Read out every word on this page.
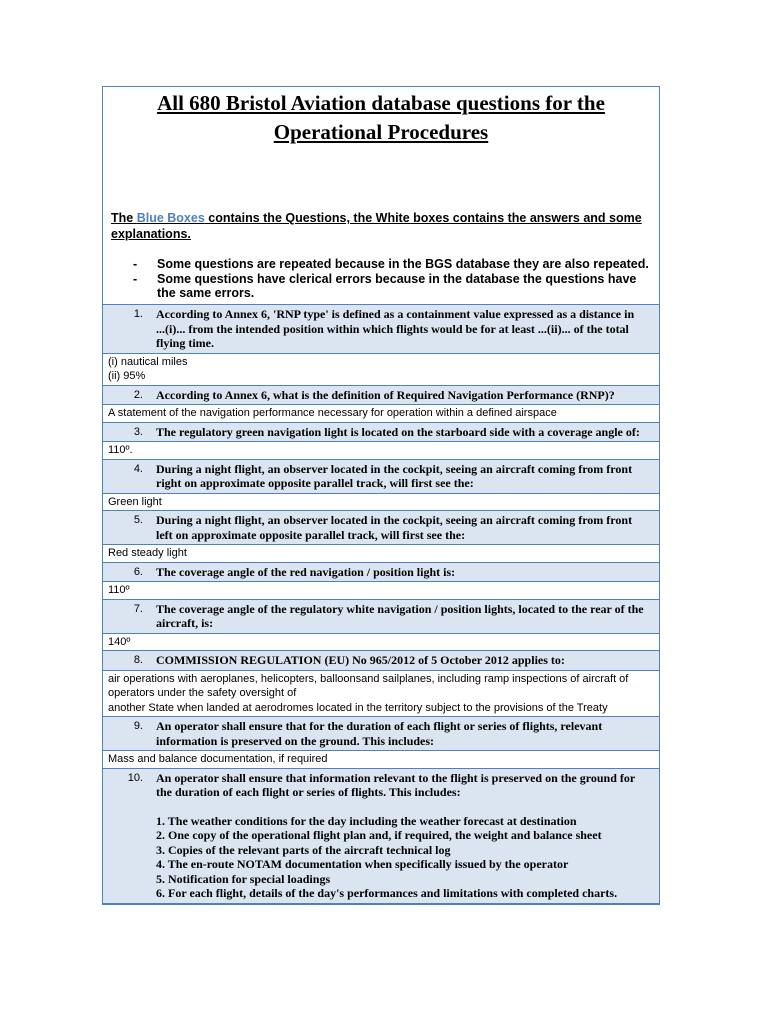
All 680 Bristol Aviation database questions for the Operational Procedures

The Blue Boxes contains the Questions, the White boxes contains the answers and some explanations.

- Some questions are repeated because in the BGS database they are also repeated.
- Some questions have clerical errors because in the database the questions have the same errors.
1. According to Annex 6, 'RNP type' is defined as a containment value expressed as a distance in ...(i)... from the intended position within which flights would be for at least ...(ii)... of the total flying time.

(i) nautical miles

(ii) 95%

2. According to Annex 6, what is the definition of Required Navigation Performance (RNP)?

A statement of the navigation performance necessary for operation within a defined airspace

3. The regulatory green navigation light is located on the starboard side with a coverage angle of:

110º.

4. During a night flight, an observer located in the cockpit, seeing an aircraft coming from front right on approximate opposite parallel track, will first see the:

Green light

5. During a night flight, an observer located in the cockpit, seeing an aircraft coming from front left on approximate opposite parallel track, will first see the:

Red steady light

6. The coverage angle of the red navigation / position light is:

110º

7. The coverage angle of the regulatory white navigation / position lights, located to the rear of the aircraft, is:

140º

8. COMMISSION REGULATION (EU) No 965/2012 of 5 October 2012 applies to:

air operations with aeroplanes, helicopters, balloonsand sailplanes, including ramp inspections of aircraft of operators under the safety oversight of

another State when landed at aerodromes located in the territory subject to the provisions of the Treaty

9. An operator shall ensure that for the duration of each flight or series of flights, relevant information is preserved on the ground. This includes:

Mass and balance documentation, if required

10. An operator shall ensure that information relevant to the flight is preserved on the ground for the duration of each flight or series of flights. This includes:

1. The weather conditions for the day including the weather forecast at destination

2. One copy of the operational flight plan and, if required, the weight and balance sheet

3. Copies of the relevant parts of the aircraft technical log

4. The en-route NOTAM documentation when specifically issued by the operator

5. Notification for special loadings

6. For each flight, details of the day's performances and limitations with completed charts.
